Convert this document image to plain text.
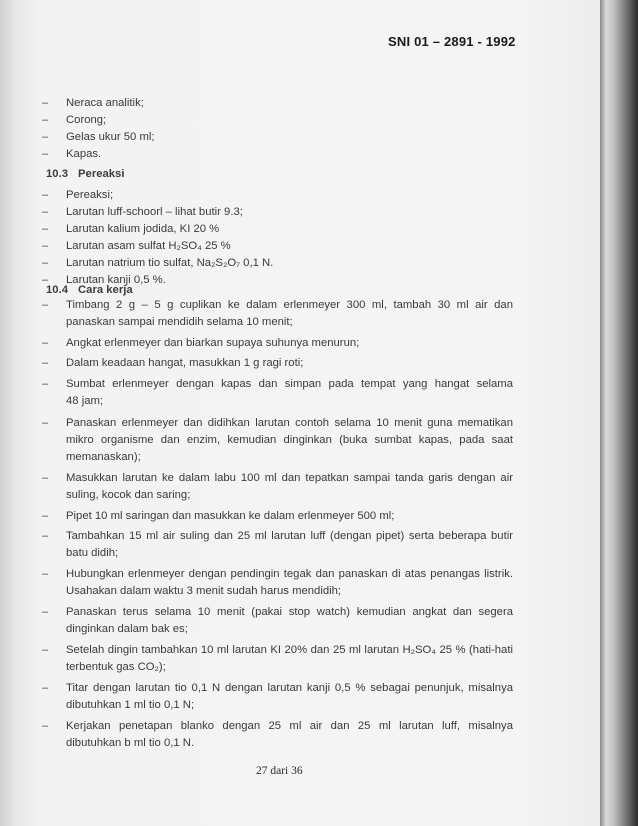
SNI 01 – 2891 - 1992
– Neraca analitik;
– Corong;
– Gelas ukur 50 ml;
– Kapas.
10.3 Pereaksi
– Pereaksi;
– Larutan luff-schoorl – lihat butir 9.3;
– Larutan kalium jodida, KI 20 %
– Larutan asam sulfat H₂SO₄ 25 %
– Larutan natrium tio sulfat, Na₂S₂O₇ 0,1 N.
– Larutan kanji 0,5 %.
10.4 Cara kerja
– Timbang 2 g – 5 g cuplikan ke dalam erlenmeyer 300 ml, tambah 30 ml air dan
panaskan sampai mendidih selama 10 menit;
– Angkat erlenmeyer dan biarkan supaya suhunya menurun;
– Dalam keadaan hangat, masukkan 1 g ragi roti;
– Sumbat erlenmeyer dengan kapas dan simpan pada tempat yang hangat selama
48 jam;
– Panaskan erlenmeyer dan didihkan larutan contoh selama 10 menit guna mematikan
mikro organisme dan enzim, kemudian dinginkan (buka sumbat kapas, pada saat
memanaskan);
– Masukkan larutan ke dalam labu 100 ml dan tepatkan sampai tanda garis dengan air
suling, kocok dan saring;
– Pipet 10 ml saringan dan masukkan ke dalam erlenmeyer 500 ml;
– Tambahkan 15 ml air suling dan 25 ml larutan luff (dengan pipet) serta beberapa butir
batu didih;
– Hubungkan erlenmeyer dengan pendingin tegak dan panaskan di atas penangas listrik.
Usahakan dalam waktu 3 menit sudah harus mendidih;
– Panaskan terus selama 10 menit (pakai stop watch) kemudian angkat dan segera
dinginkan dalam bak es;
– Setelah dingin tambahkan 10 ml larutan KI 20% dan 25 ml larutan H₂SO₄ 25 % (hati-hati
terbentuk gas CO₂);
– Titar dengan larutan tio 0,1 N dengan larutan kanji 0,5 % sebagai penunjuk, misalnya
dibutuhkan 1 ml tio 0,1 N;
– Kerjakan penetapan blanko dengan 25 ml air dan 25 ml larutan luff, misalnya
dibutuhkan b ml tio 0,1 N.
27 dari 36
